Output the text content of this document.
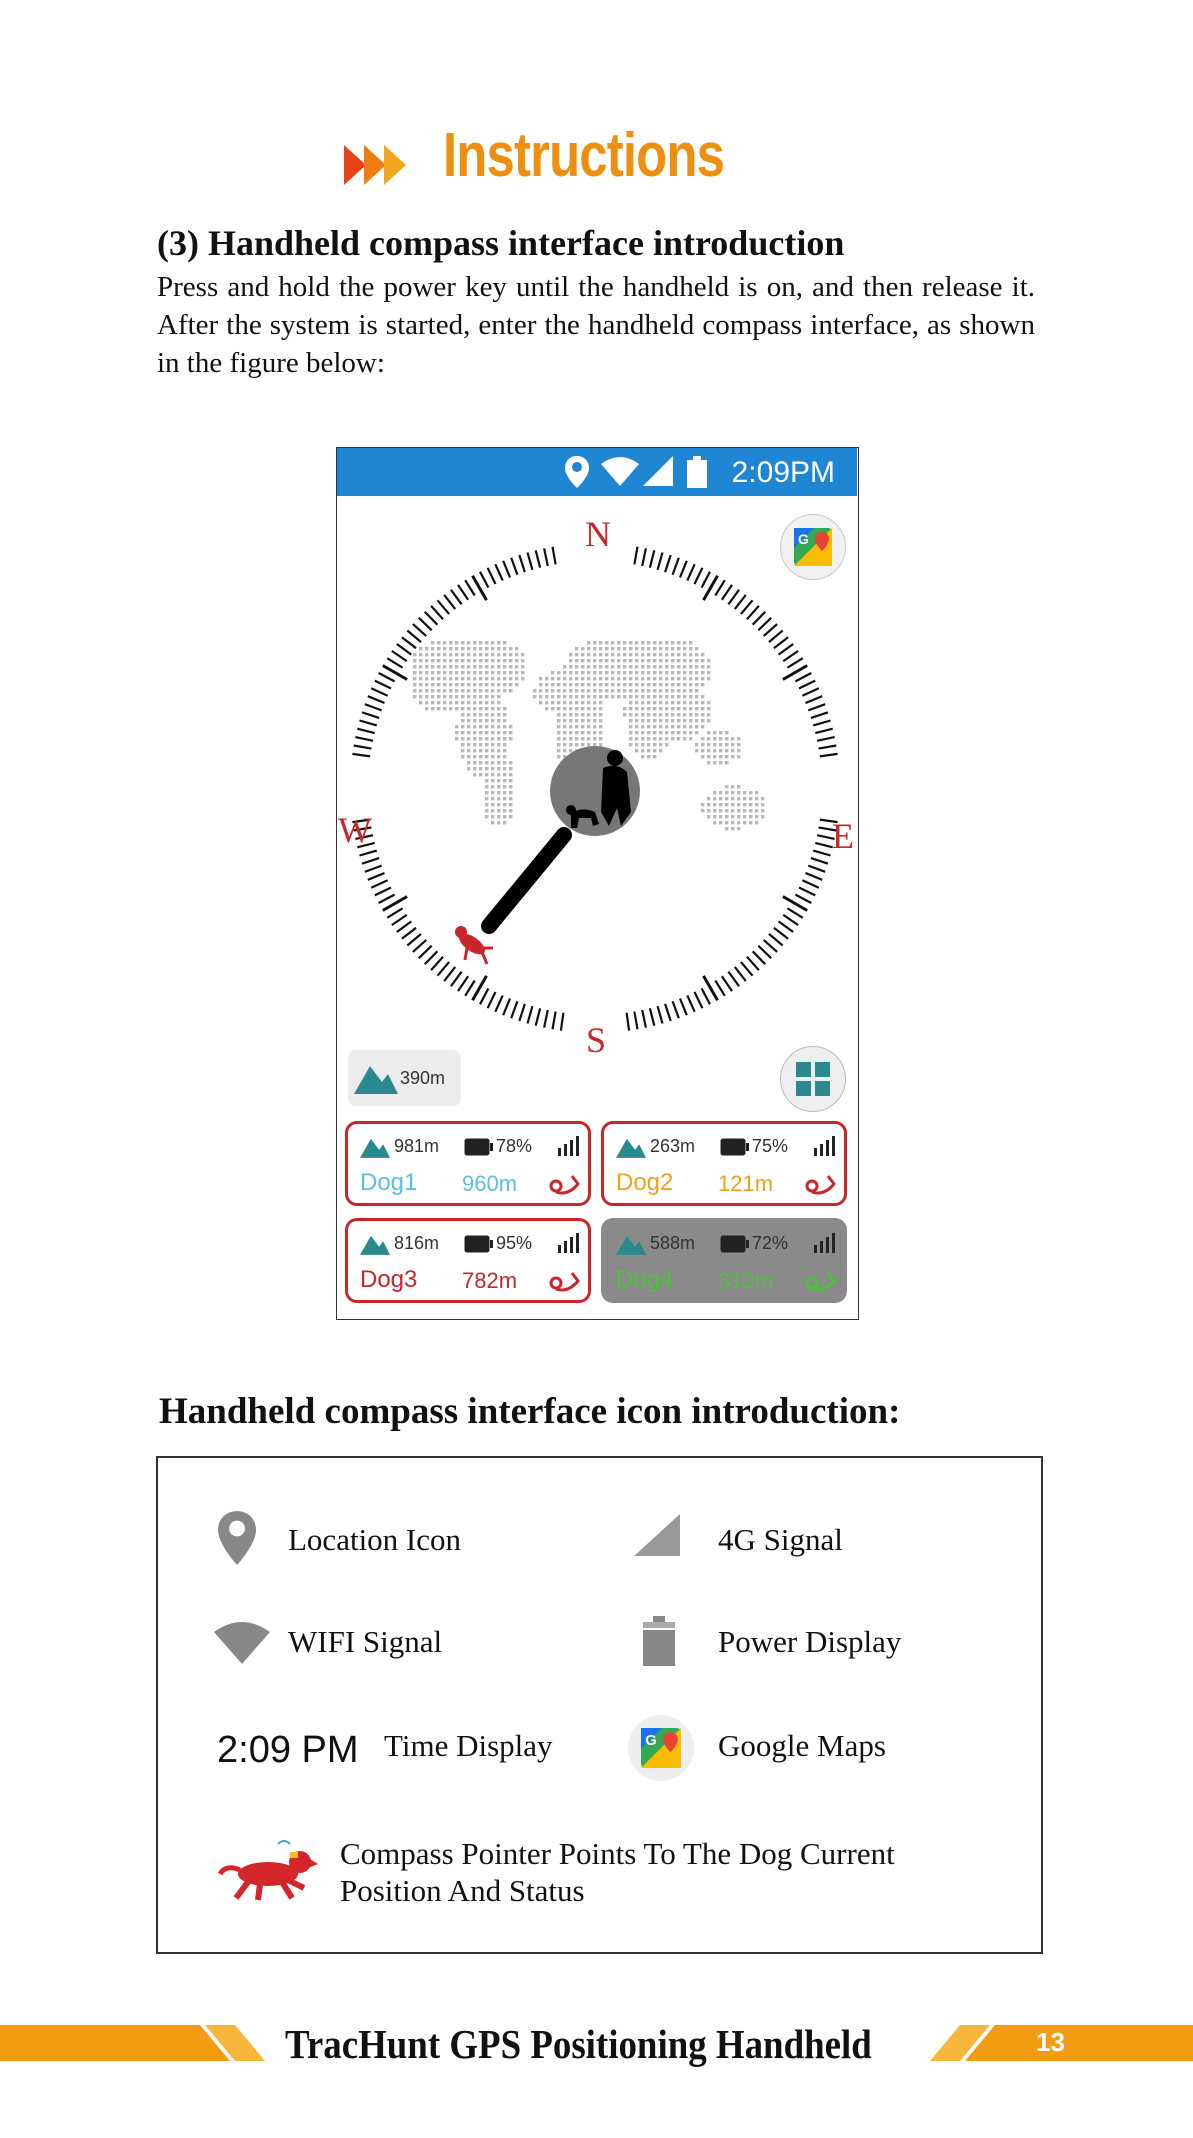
Instructions
(3) Handheld compass interface introduction
Press and hold the power key until the handheld is on, and then release it. After the system is started, enter the handheld compass interface, as shown in the figure below:
2:09PM
N
E
S
W
G
390m
981m	78%
Dog1 960m
263m	75%
Dog2 121m
816m	95%
Dog3 782m
588m	72%
Dog4 312m
Handheld compass interface icon introduction:
Location Icon	4G Signal
WIFI Signal	Power Display
2:09 PM Time Display	G Google Maps
Compass Pointer Points To The Dog Current
Position And Status
TracHunt GPS Positioning Handheld	13
